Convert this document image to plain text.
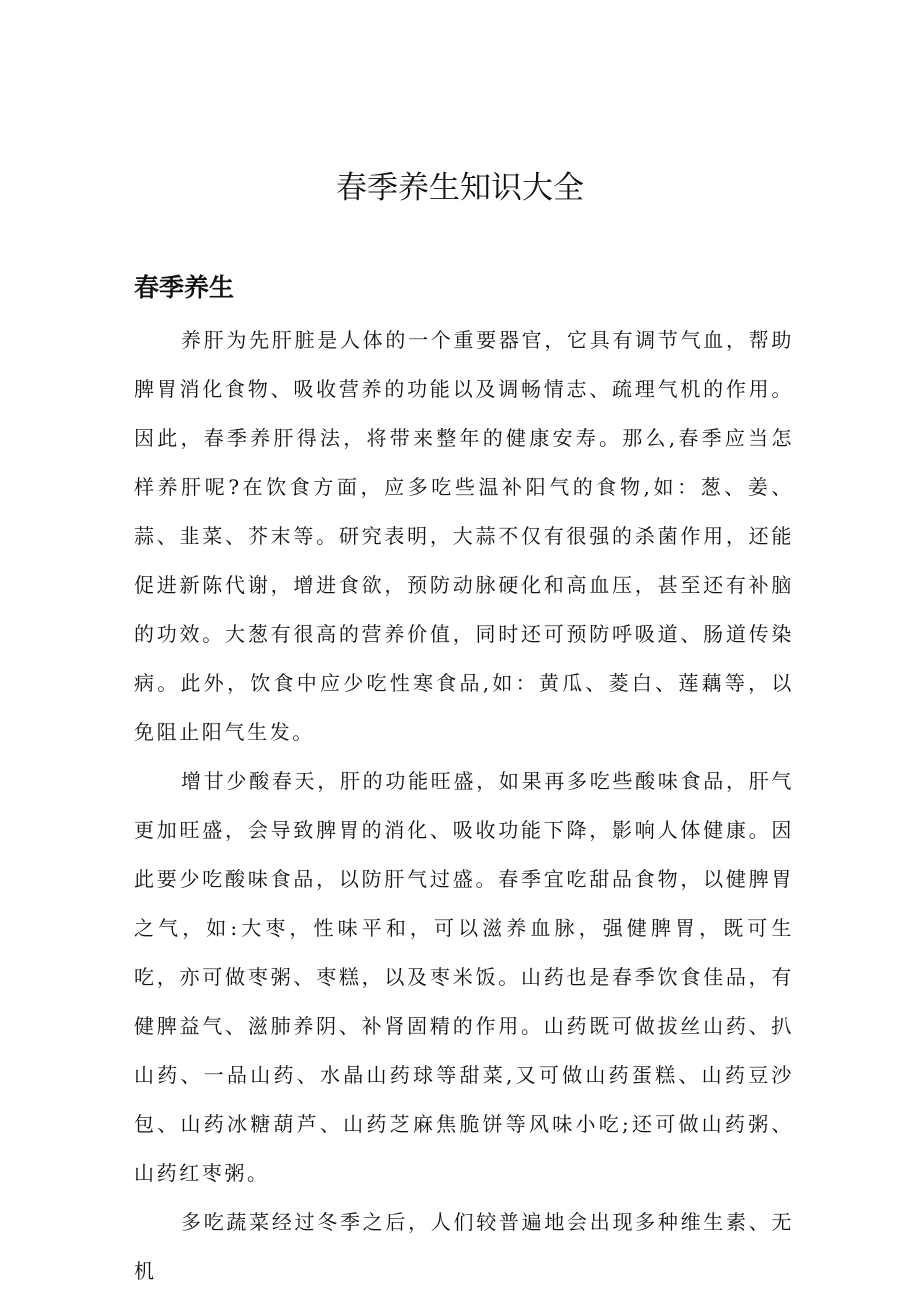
春季养生知识大全
春季养生

养肝为先肝脏是人体的一个重要器官，它具有调节气血，帮助脾胃消化食物、吸收营养的功能以及调畅情志、疏理气机的作用。因此，春季养肝得法，将带来整年的健康安寿。那么,春季应当怎样养肝呢?在饮食方面，应多吃些温补阳气的食物,如：葱、姜、蒜、韭菜、芥末等。研究表明，大蒜不仅有很强的杀菌作用，还能促进新陈代谢，增进食欲，预防动脉硬化和高血压，甚至还有补脑的功效。大葱有很高的营养价值，同时还可预防呼吸道、肠道传染病。此外，饮食中应少吃性寒食品,如：黄瓜、菱白、莲藕等，以免阻止阳气生发。

增甘少酸春天，肝的功能旺盛，如果再多吃些酸味食品，肝气更加旺盛，会导致脾胃的消化、吸收功能下降，影响人体健康。因此要少吃酸味食品，以防肝气过盛。春季宜吃甜品食物，以健脾胃之气，如:大枣，性味平和，可以滋养血脉，强健脾胃，既可生吃，亦可做枣粥、枣糕，以及枣米饭。山药也是春季饮食佳品，有健脾益气、滋肺养阴、补肾固精的作用。山药既可做拔丝山药、扒山药、一品山药、水晶山药球等甜菜,又可做山药蛋糕、山药豆沙包、山药冰糖葫芦、山药芝麻焦脆饼等风味小吃;还可做山药粥、山药红枣粥。

多吃蔬菜经过冬季之后，人们较普遍地会出现多种维生素、无机
